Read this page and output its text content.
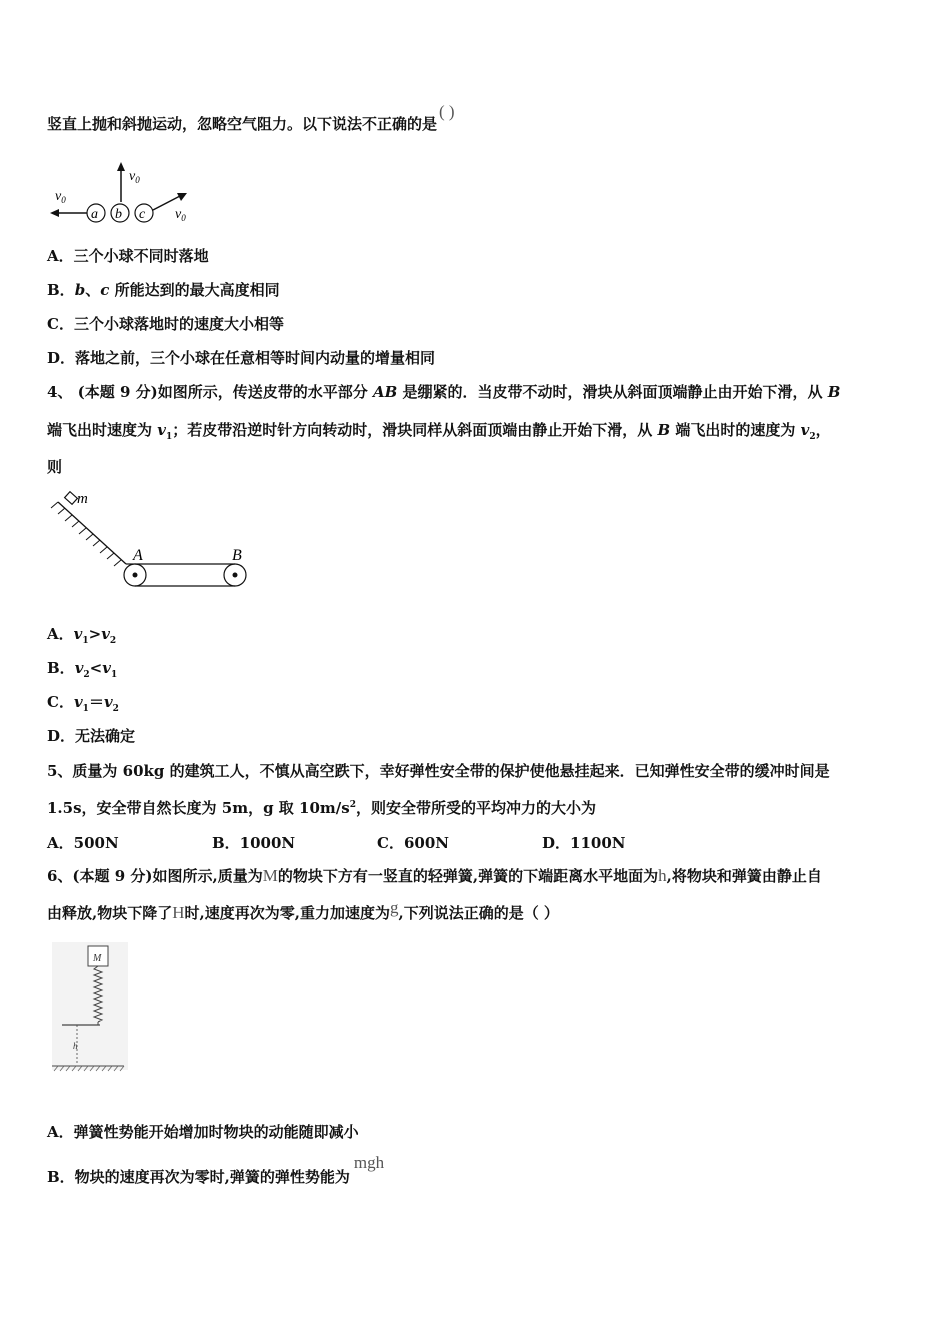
竖直上抛和斜抛运动，忽略空气阻力。以下说法不正确的是( )
$v_0$
$v_0$
a b c $v_0$
A．三个小球不同时落地
B．b、c 所能达到的最大高度相同
C．三个小球落地时的速度大小相等
D．落地之前，三个小球在任意相等时间内动量的增量相同
4、 (本题 9 分)如图所示，传送皮带的水平部分 AB 是绷紧的．当皮带不动时，滑块从斜面顶端静止由开始下滑，从 B
端飞出时速度为 $v_1$；若皮带沿逆时针方向转动时，滑块同样从斜面顶端由静止开始下滑，从 B 端飞出时的速度为 $v_2$，
则
m
A	B
A．$v_1>v_2$
B．$v_2<v_1$
C．$v_1=v_2$
D．无法确定
5、质量为 60kg 的建筑工人，不慎从高空跌下，幸好弹性安全带的保护使他悬挂起来．已知弹性安全带的缓冲时间是
1.5s，安全带自然长度为 5m，g 取 $10m/s^2$，则安全带所受的平均冲力的大小为
A．500N	B．1000N	C．600N	D．1100N
6、(本题 9 分)如图所示,质量为M的物块下方有一竖直的轻弹簧,弹簧的下端距离水平地面为h,将物块和弹簧由静止自
由释放,物块下降了H时,速度再次为零,重力加速度为g,下列说法正确的是（ ）
M
h
A．弹簧性势能开始增加时物块的动能随即减小
B．物块的速度再次为零时,弹簧的弹性势能为mgh
